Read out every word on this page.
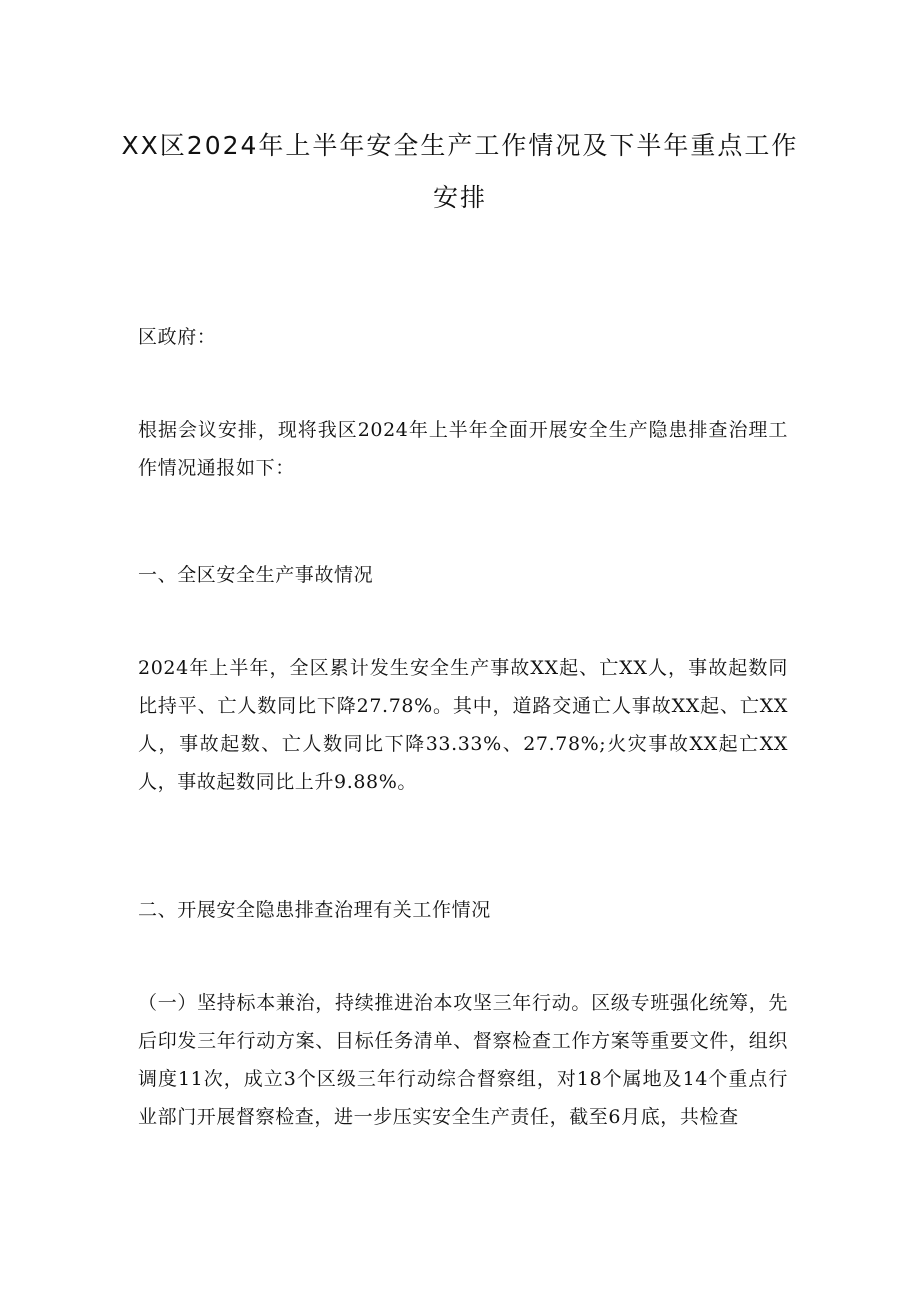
XX区2024年上半年安全生产工作情况及下半年重点工作安排
区政府：
根据会议安排，现将我区2024年上半年全面开展安全生产隐患排查治理工作情况通报如下：
一、全区安全生产事故情况
2024年上半年，全区累计发生安全生产事故XX起、亡XX人，事故起数同比持平、亡人数同比下降27.78%。其中，道路交通亡人事故XX起、亡XX人，事故起数、亡人数同比下降33.33%、27.78%;火灾事故XX起亡XX人，事故起数同比上升9.88%。
二、开展安全隐患排查治理有关工作情况
（一）坚持标本兼治，持续推进治本攻坚三年行动。区级专班强化统筹，先后印发三年行动方案、目标任务清单、督察检查工作方案等重要文件，组织调度11次，成立3个区级三年行动综合督察组，对18个属地及14个重点行业部门开展督察检查，进一步压实安全生产责任，截至6月底，共检查
